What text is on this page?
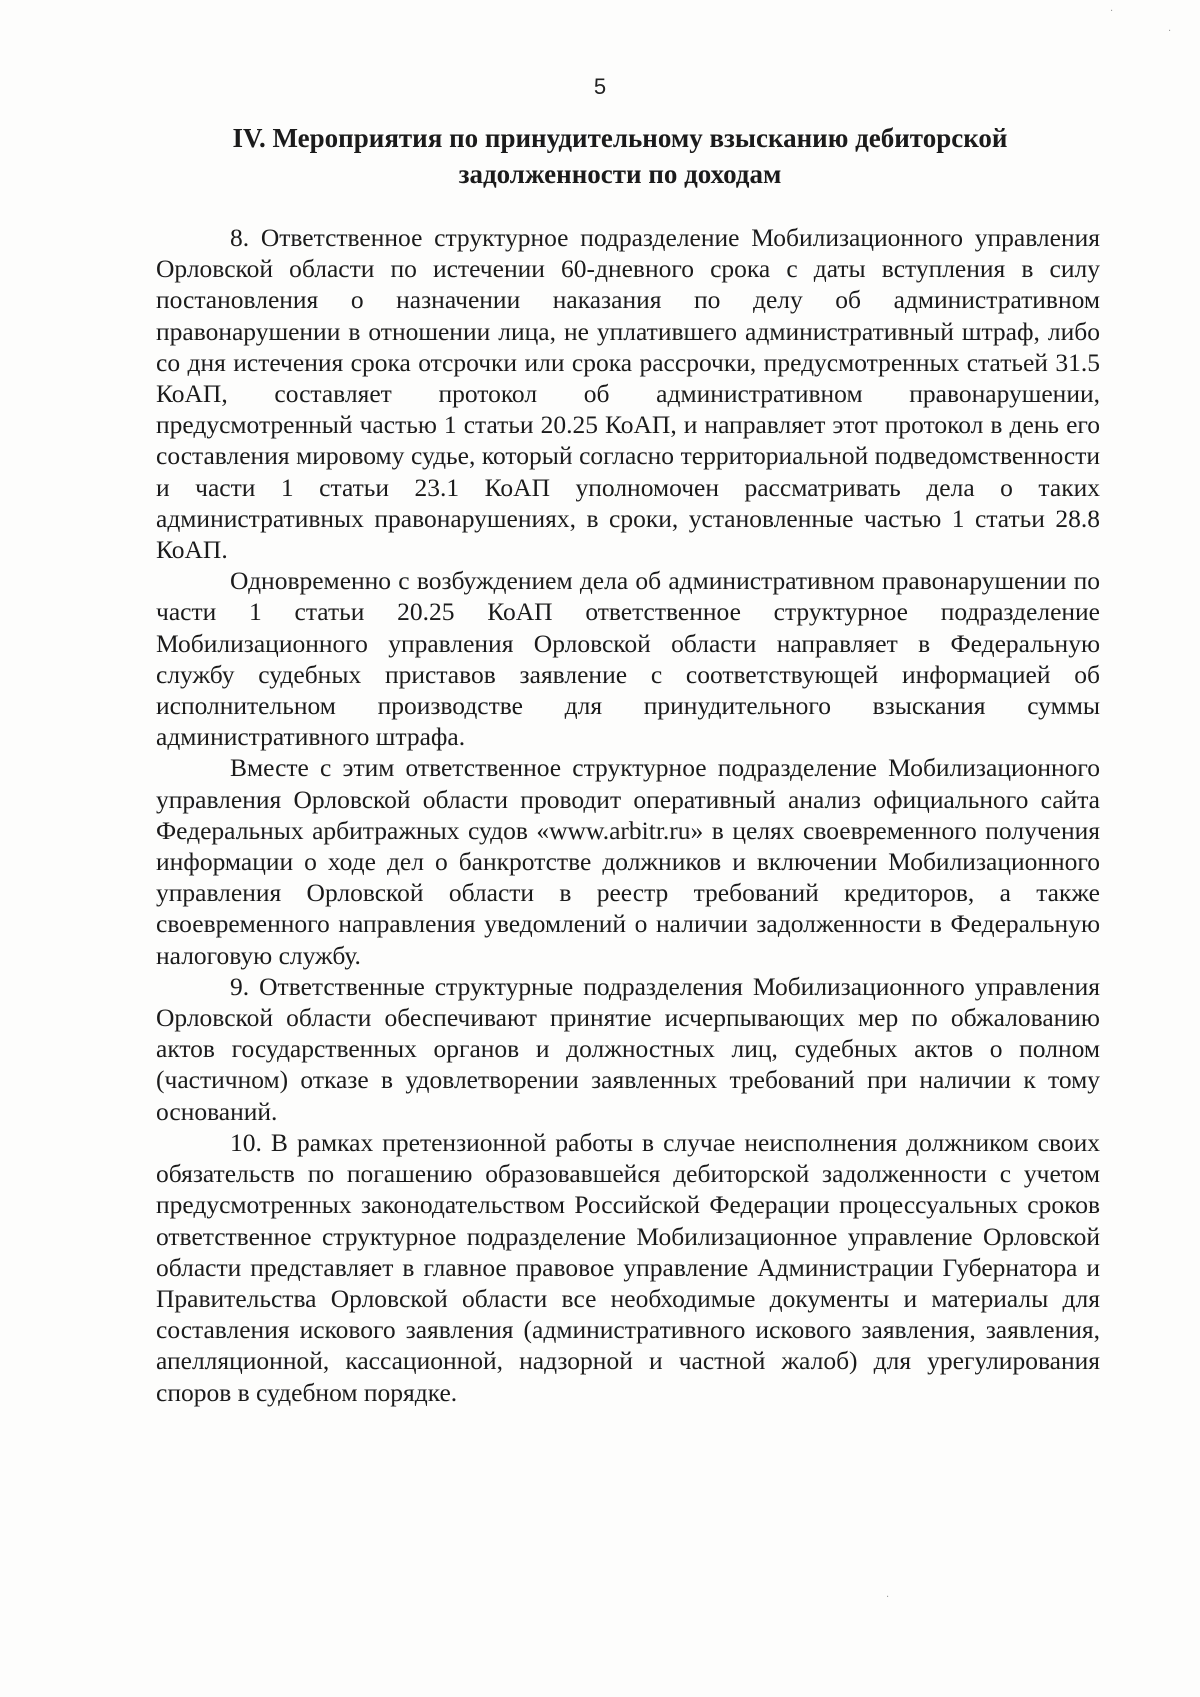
5
IV. Мероприятия по принудительному взысканию дебиторской
задолженности по доходам

8. Ответственное структурное подразделение Мобилизационного управления Орловской области по истечении 60-дневного срока с даты вступления в силу постановления о назначении наказания по делу об административном правонарушении в отношении лица, не уплатившего административный штраф, либо со дня истечения срока отсрочки или срока рассрочки, предусмотренных статьей 31.5 КоАП, составляет протокол об административном правонарушении, предусмотренный частью 1 статьи 20.25 КоАП, и направляет этот протокол в день его составления мировому судье, который согласно территориальной подведомственности и части 1 статьи 23.1 КоАП уполномочен рассматривать дела о таких административных правонарушениях, в сроки, установленные частью 1 статьи 28.8 КоАП.

Одновременно с возбуждением дела об административном правонарушении по части 1 статьи 20.25 КоАП ответственное структурное подразделение Мобилизационного управления Орловской области направляет в Федеральную службу судебных приставов заявление с соответствующей информацией об исполнительном производстве для принудительного взыскания суммы административного штрафа.

Вместе с этим ответственное структурное подразделение Мобилизационного управления Орловской области проводит оперативный анализ официального сайта Федеральных арбитражных судов «www.arbitr.ru» в целях своевременного получения информации о ходе дел о банкротстве должников и включении Мобилизационного управления Орловской области в реестр требований кредиторов, а также своевременного направления уведомлений о наличии задолженности в Федеральную налоговую службу.

9. Ответственные структурные подразделения Мобилизационного управления Орловской области обеспечивают принятие исчерпывающих мер по обжалованию актов государственных органов и должностных лиц, судебных актов о полном (частичном) отказе в удовлетворении заявленных требований при наличии к тому оснований.

10. В рамках претензионной работы в случае неисполнения должником своих обязательств по погашению образовавшейся дебиторской задолженности с учетом предусмотренных законодательством Российской Федерации процессуальных сроков ответственное структурное подразделение Мобилизационное управление Орловской области представляет в главное правовое управление Администрации Губернатора и Правительства Орловской области все необходимые документы и материалы для составления искового заявления (административного искового заявления, заявления, апелляционной, кассационной, надзорной и частной жалоб) для урегулирования споров в судебном порядке.

·
·
·
